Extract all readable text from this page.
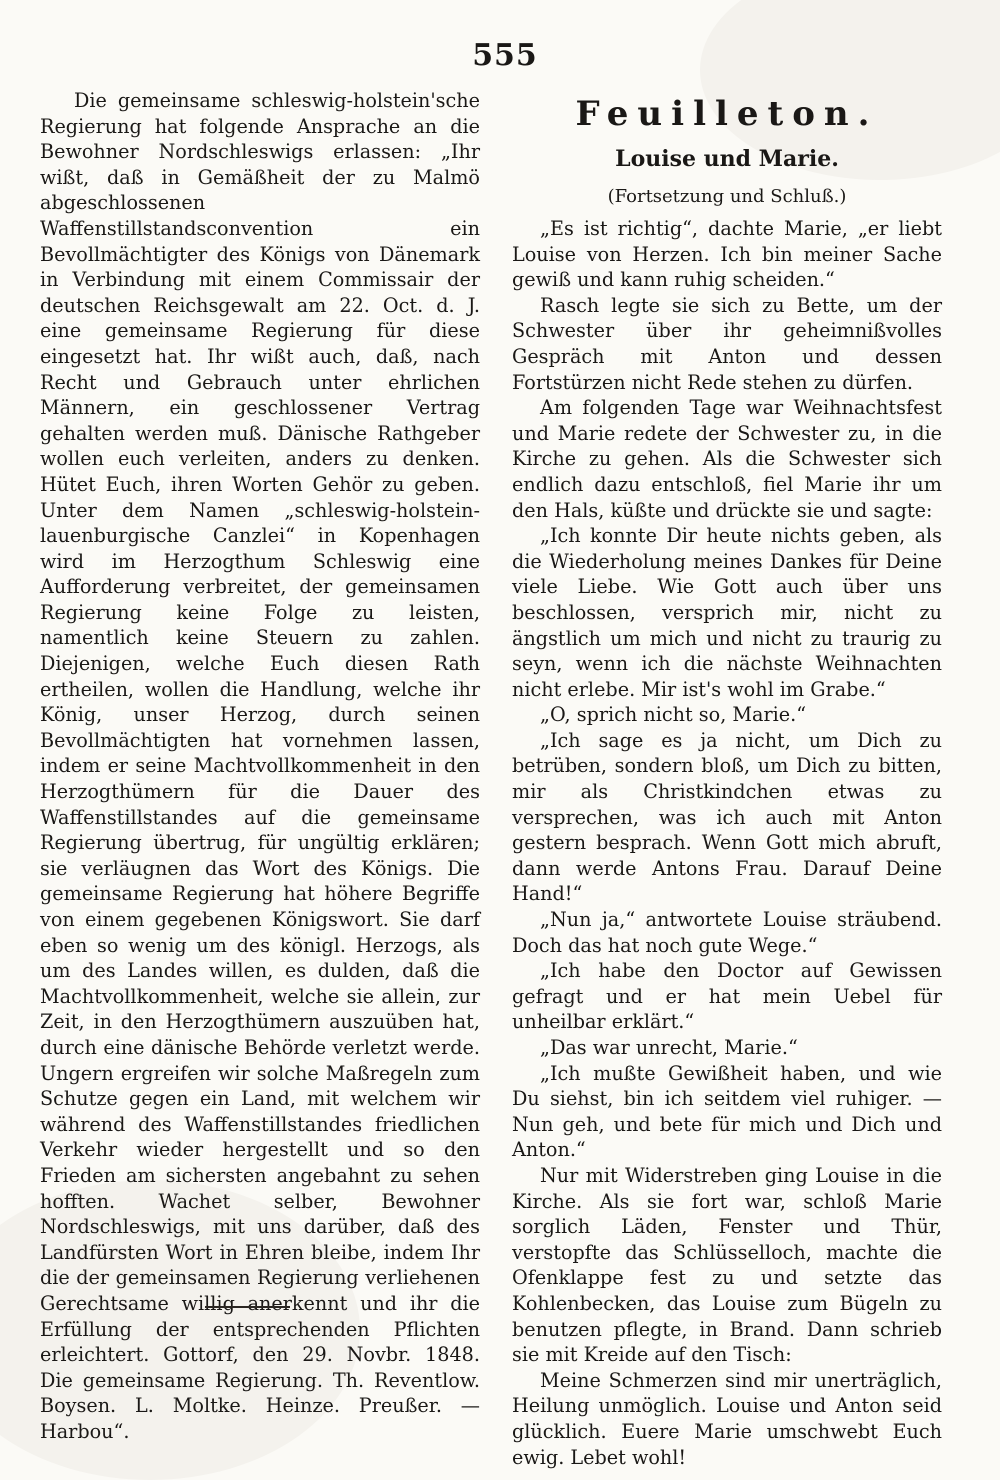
555

Die gemeinsame schleswig-holstein'sche Regierung hat folgende Ansprache an die Bewohner Nordschleswigs erlassen: „Ihr wißt, daß in Gemäßheit der zu Malmö abgeschlossenen Waffenstillstandsconvention ein Bevollmächtigter des Königs von Dänemark in Verbindung mit einem Commissair der deutschen Reichsgewalt am 22. Oct. d. J. eine gemeinsame Regierung für diese eingesetzt hat. Ihr wißt auch, daß, nach Recht und Gebrauch unter ehrlichen Männern, ein geschlossener Vertrag gehalten werden muß. Dänische Rathgeber wollen euch verleiten, anders zu denken. Hütet Euch, ihren Worten Gehör zu geben. Unter dem Namen „schleswig-holstein-lauenburgische Canzlei“ in Kopenhagen wird im Herzogthum Schleswig eine Aufforderung verbreitet, der gemeinsamen Regierung keine Folge zu leisten, namentlich keine Steuern zu zahlen. Diejenigen, welche Euch diesen Rath ertheilen, wollen die Handlung, welche ihr König, unser Herzog, durch seinen Bevollmächtigten hat vornehmen lassen, indem er seine Machtvollkommenheit in den Herzogthümern für die Dauer des Waffenstillstandes auf die gemeinsame Regierung übertrug, für ungültig erklären; sie verläugnen das Wort des Königs. Die gemeinsame Regierung hat höhere Begriffe von einem gegebenen Königswort. Sie darf eben so wenig um des königl. Herzogs, als um des Landes willen, es dulden, daß die Machtvollkommenheit, welche sie allein, zur Zeit, in den Herzogthümern auszuüben hat, durch eine dänische Behörde verletzt werde. Ungern ergreifen wir solche Maßregeln zum Schutze gegen ein Land, mit welchem wir während des Waffenstillstandes friedlichen Verkehr wieder hergestellt und so den Frieden am sichersten angebahnt zu sehen hofften. Wachet selber, Bewohner Nordschleswigs, mit uns darüber, daß des Landfürsten Wort in Ehren bleibe, indem Ihr die der gemeinsamen Regierung verliehenen Gerechtsame willig anerkennt und ihr die Erfüllung der entsprechenden Pflichten erleichtert. Gottorf, den 29. Novbr. 1848. Die gemeinsame Regierung. Th. Reventlow. Boysen. L. Moltke. Heinze. Preußer. — Harbou“.

Feuilleton.
Louise und Marie.
(Fortsetzung und Schluß.)

„Es ist richtig“, dachte Marie, „er liebt Louise von Herzen. Ich bin meiner Sache gewiß und kann ruhig scheiden.“

Rasch legte sie sich zu Bette, um der Schwester über ihr geheimnißvolles Gespräch mit Anton und dessen Fortstürzen nicht Rede stehen zu dürfen.

Am folgenden Tage war Weihnachtsfest und Marie redete der Schwester zu, in die Kirche zu gehen. Als die Schwester sich endlich dazu entschloß, fiel Marie ihr um den Hals, küßte und drückte sie und sagte:

„Ich konnte Dir heute nichts geben, als die Wiederholung meines Dankes für Deine viele Liebe. Wie Gott auch über uns beschlossen, versprich mir, nicht zu ängstlich um mich und nicht zu traurig zu seyn, wenn ich die nächste Weihnachten nicht erlebe. Mir ist's wohl im Grabe.“

„O, sprich nicht so, Marie.“

„Ich sage es ja nicht, um Dich zu betrüben, sondern bloß, um Dich zu bitten, mir als Christkindchen etwas zu versprechen, was ich auch mit Anton gestern besprach. Wenn Gott mich abruft, dann werde Antons Frau. Darauf Deine Hand!“

„Nun ja,“ antwortete Louise sträubend. Doch das hat noch gute Wege.“

„Ich habe den Doctor auf Gewissen gefragt und er hat mein Uebel für unheilbar erklärt.“

„Das war unrecht, Marie.“

„Ich mußte Gewißheit haben, und wie Du siehst, bin ich seitdem viel ruhiger. — Nun geh, und bete für mich und Dich und Anton.“

Nur mit Widerstreben ging Louise in die Kirche. Als sie fort war, schloß Marie sorglich Läden, Fenster und Thür, verstopfte das Schlüsselloch, machte die Ofenklappe fest zu und setzte das Kohlenbecken, das Louise zum Bügeln zu benutzen pflegte, in Brand. Dann schrieb sie mit Kreide auf den Tisch:

Meine Schmerzen sind mir unerträglich, Heilung unmöglich. Louise und Anton seid glücklich. Euere Marie umschwebt Euch ewig. Lebet wohl!
